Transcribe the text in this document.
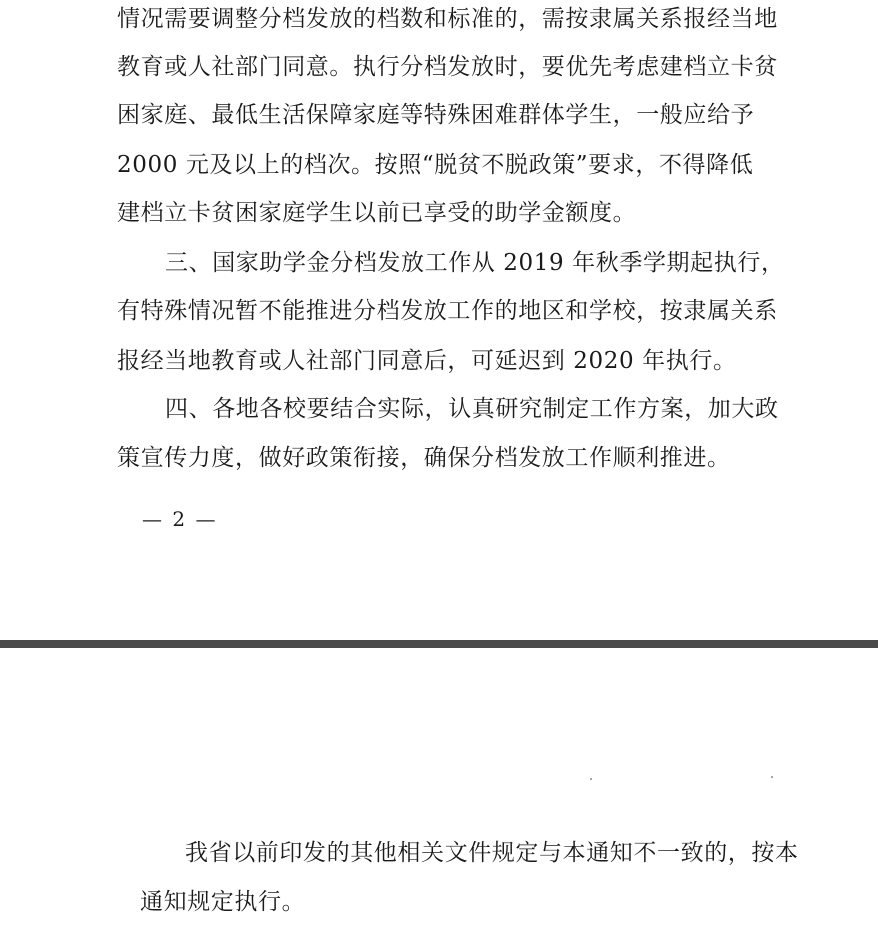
情况需要调整分档发放的档数和标准的，需按隶属关系报经当地
教育或人社部门同意。执行分档发放时，要优先考虑建档立卡贫
困家庭、最低生活保障家庭等特殊困难群体学生，一般应给予
2000 元及以上的档次。按照“脱贫不脱政策”要求，不得降低
建档立卡贫困家庭学生以前已享受的助学金额度。
三、国家助学金分档发放工作从 2019 年秋季学期起执行，
有特殊情况暂不能推进分档发放工作的地区和学校，按隶属关系
报经当地教育或人社部门同意后，可延迟到 2020 年执行。
四、各地各校要结合实际，认真研究制定工作方案，加大政
策宣传力度，做好政策衔接，确保分档发放工作顺利推进。
— 2 —
我省以前印发的其他相关文件规定与本通知不一致的，按本
通知规定执行。
